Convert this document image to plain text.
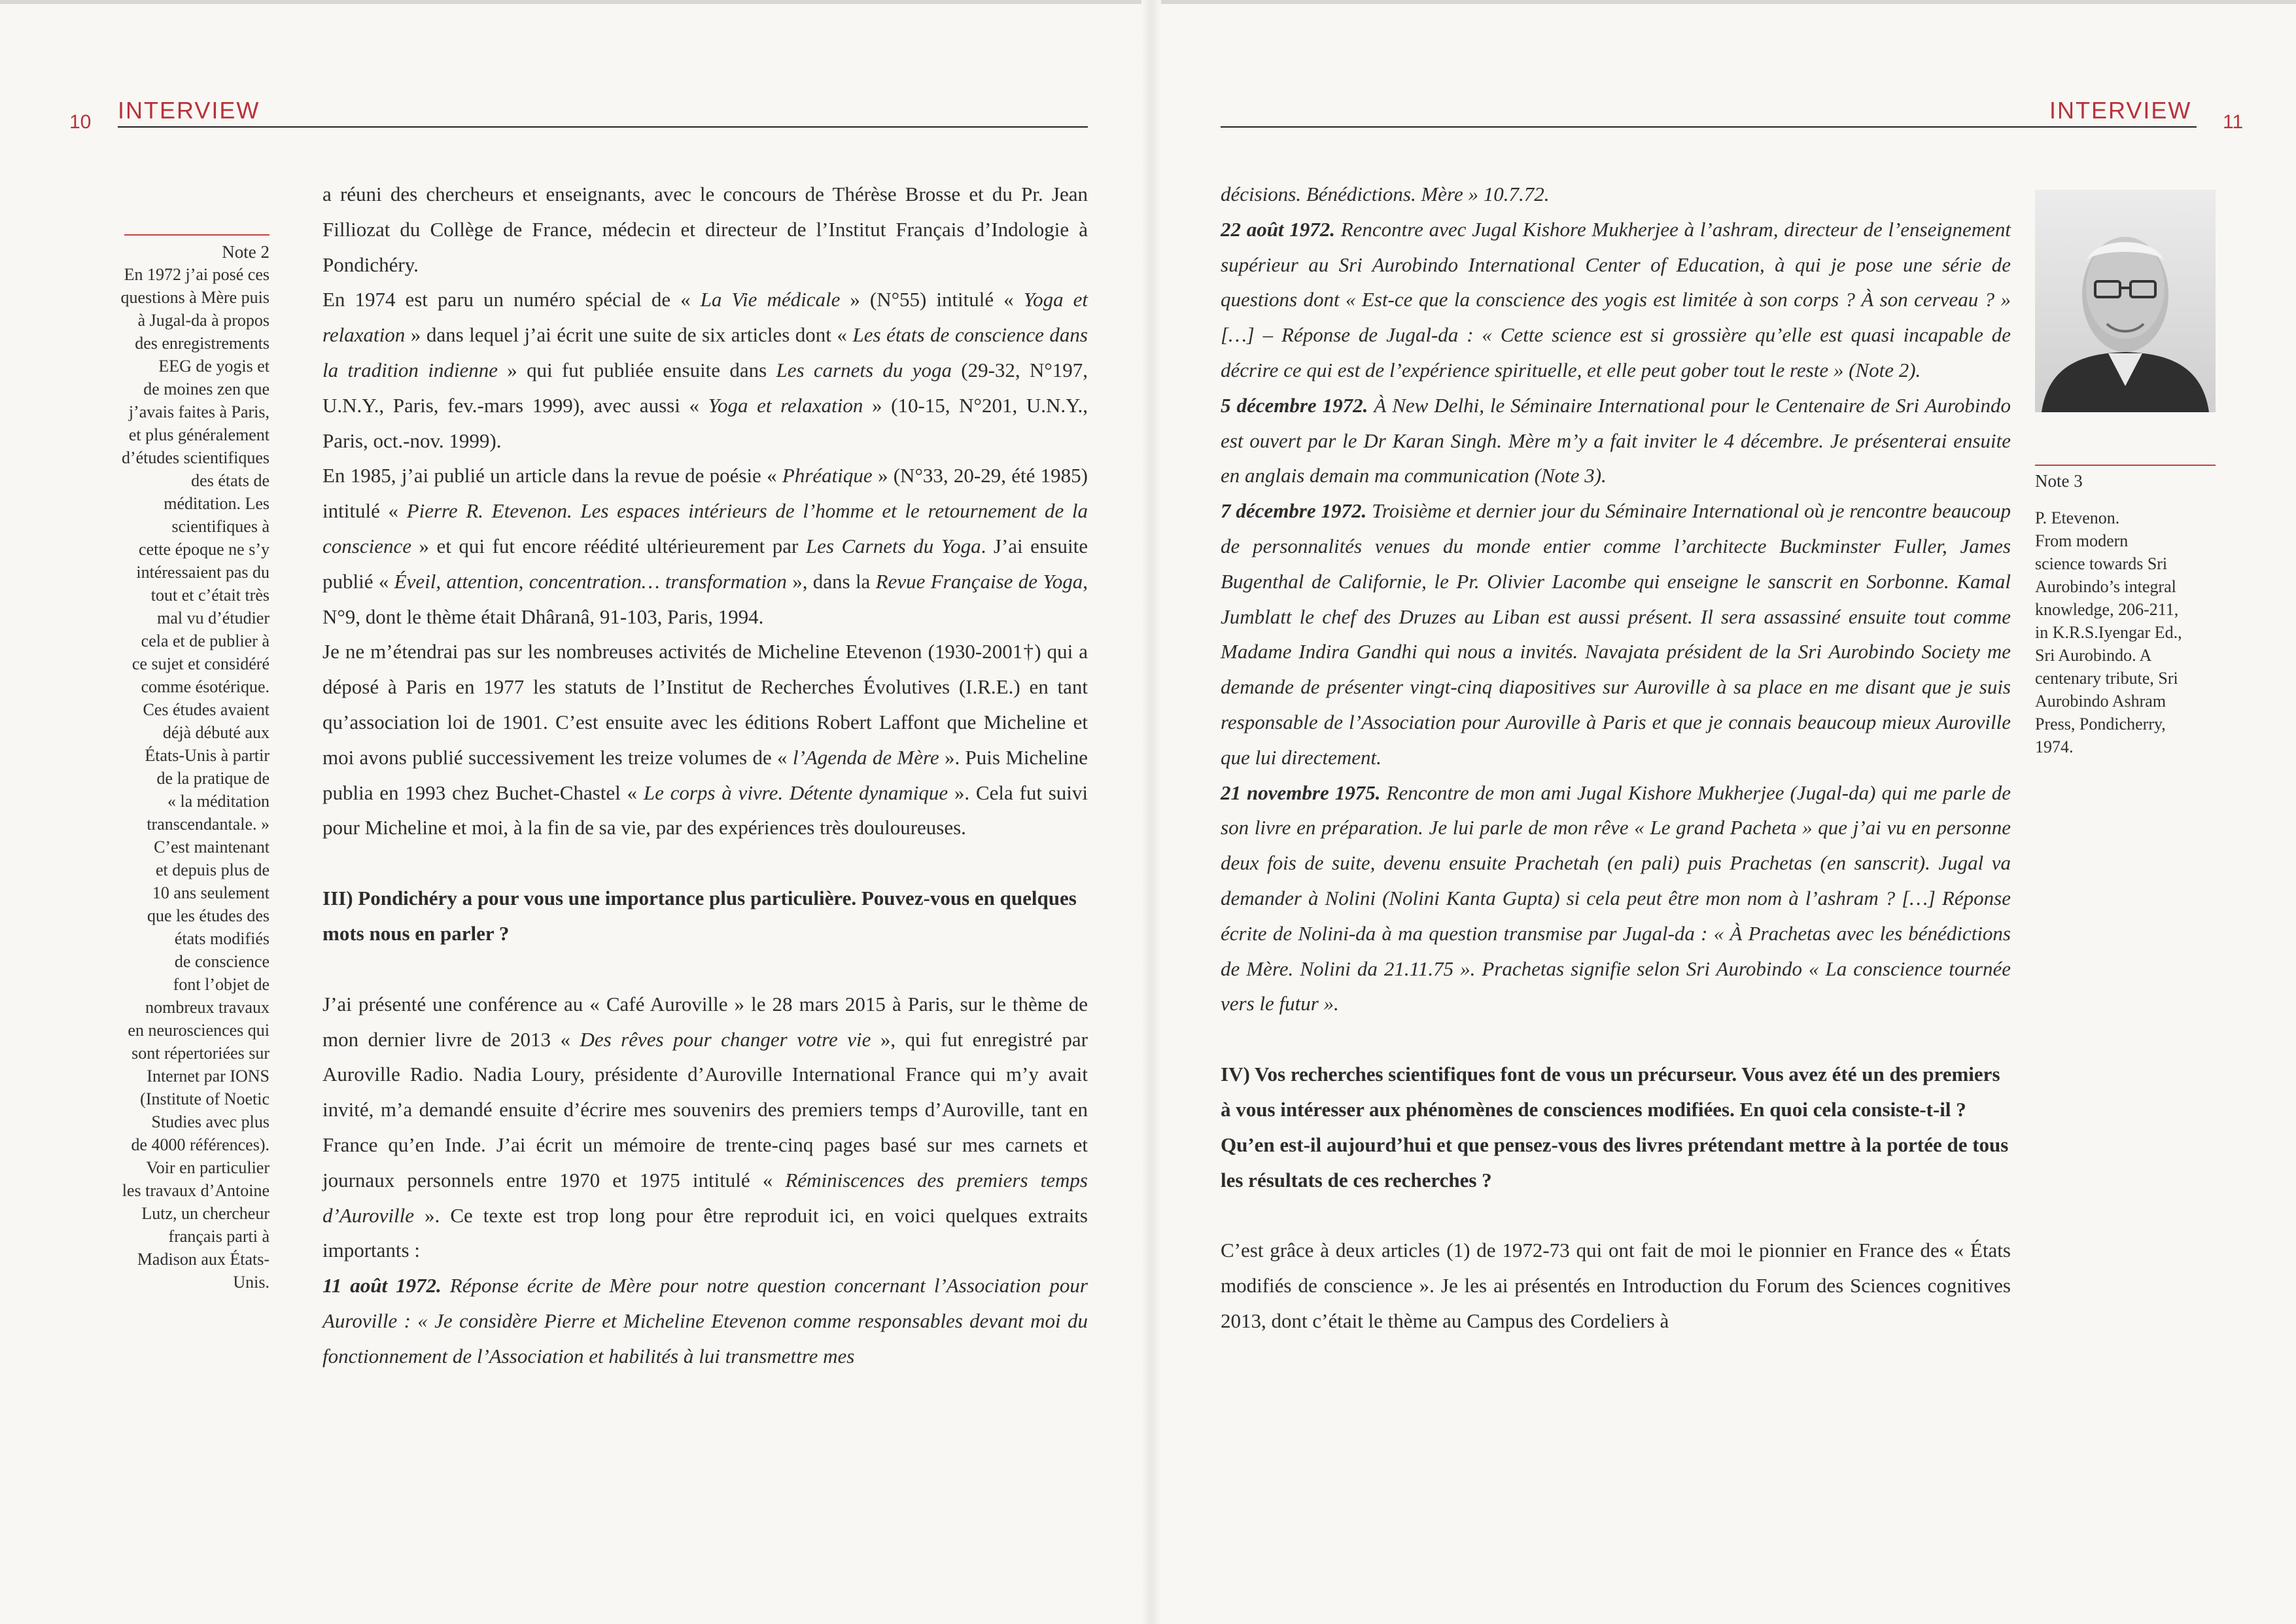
10 INTERVIEW
Note 2
En 1972 j’ai posé ces
questions à Mère puis
à Jugal-da à propos
des enregistrements
EEG de yogis et
de moines zen que
j’avais faites à Paris,
et plus généralement
d’études scientifiques
des états de
méditation. Les
scientifiques à
cette époque ne s’y
intéressaient pas du
tout et c’était très
mal vu d’étudier
cela et de publier à
ce sujet et considéré
comme ésotérique.
Ces études avaient
déjà débuté aux
États-Unis à partir
de la pratique de
« la méditation
transcendantale. »
C’est maintenant
et depuis plus de
10 ans seulement
que les études des
états modifiés
de conscience
font l’objet de
nombreux travaux
en neurosciences qui
sont répertoriées sur
Internet par IONS
(Institute of Noetic
Studies avec plus
de 4000 références).
Voir en particulier
les travaux d’Antoine
Lutz, un chercheur
français parti à
Madison aux États-
Unis.

a réuni des chercheurs et enseignants, avec le concours de Thérèse Brosse et du Pr. Jean Filliozat du Collège de France, médecin et directeur de l’Institut Français d’Indologie à Pondichéry.

En 1974 est paru un numéro spécial de « La Vie médicale » (N°55) intitulé « Yoga et relaxation » dans lequel j’ai écrit une suite de six articles dont « Les états de conscience dans la tradition indienne » qui fut publiée ensuite dans Les carnets du yoga (29-32, N°197, U.N.Y., Paris, fev.-mars 1999), avec aussi « Yoga et relaxation » (10-15, N°201, U.N.Y., Paris, oct.-nov. 1999).

En 1985, j’ai publié un article dans la revue de poésie « Phréatique » (N°33, 20-29, été 1985) intitulé « Pierre R. Etevenon. Les espaces intérieurs de l’homme et le retournement de la conscience » et qui fut encore réédité ultérieurement par Les Carnets du Yoga. J’ai ensuite publié « Éveil, attention, concentration… transformation », dans la Revue Française de Yoga, N°9, dont le thème était Dhâranâ, 91-103, Paris, 1994.

Je ne m’étendrai pas sur les nombreuses activités de Micheline Etevenon (1930-2001†) qui a déposé à Paris en 1977 les statuts de l’Institut de Recherches Évolutives (I.R.E.) en tant qu’association loi de 1901. C’est ensuite avec les éditions Robert Laffont que Micheline et moi avons publié successivement les treize volumes de « l’Agenda de Mère ». Puis Micheline publia en 1993 chez Buchet-Chastel « Le corps à vivre. Détente dynamique ». Cela fut suivi pour Micheline et moi, à la fin de sa vie, par des expériences très douloureuses.

III) Pondichéry a pour vous une importance plus particulière. Pouvez-vous en quelques mots nous en parler ?

J’ai présenté une conférence au « Café Auroville » le 28 mars 2015 à Paris, sur le thème de mon dernier livre de 2013 « Des rêves pour changer votre vie », qui fut enregistré par Auroville Radio. Nadia Loury, présidente d’Auroville International France qui m’y avait invité, m’a demandé ensuite d’écrire mes souvenirs des premiers temps d’Auroville, tant en France qu’en Inde. J’ai écrit un mémoire de trente-cinq pages basé sur mes carnets et journaux personnels entre 1970 et 1975 intitulé « Réminiscences des premiers temps d’Auroville ». Ce texte est trop long pour être reproduit ici, en voici quelques extraits importants :

11 août 1972. Réponse écrite de Mère pour notre question concernant l’Association pour Auroville : « Je considère Pierre et Micheline Etevenon comme responsables devant moi du fonctionnement de l’Association et habilités à lui transmettre mes

INTERVIEW 11

décisions. Bénédictions. Mère » 10.7.72.

22 août 1972. Rencontre avec Jugal Kishore Mukherjee à l’ashram, directeur de l’enseignement supérieur au Sri Aurobindo International Center of Education, à qui je pose une série de questions dont « Est-ce que la conscience des yogis est limitée à son corps ? À son cerveau ? » […] – Réponse de Jugal-da : « Cette science est si grossière qu’elle est quasi incapable de décrire ce qui est de l’expérience spirituelle, et elle peut gober tout le reste » (Note 2).

5 décembre 1972. À New Delhi, le Séminaire International pour le Centenaire de Sri Aurobindo est ouvert par le Dr Karan Singh. Mère m’y a fait inviter le 4 décembre. Je présenterai ensuite en anglais demain ma communication (Note 3).

7 décembre 1972. Troisième et dernier jour du Séminaire International où je rencontre beaucoup de personnalités venues du monde entier comme l’architecte Buckminster Fuller, James Bugenthal de Californie, le Pr. Olivier Lacombe qui enseigne le sanscrit en Sorbonne. Kamal Jumblatt le chef des Druzes au Liban est aussi présent. Il sera assassiné ensuite tout comme Madame Indira Gandhi qui nous a invités. Navajata président de la Sri Aurobindo Society me demande de présenter vingt-cinq diapositives sur Auroville à sa place en me disant que je suis responsable de l’Association pour Auroville à Paris et que je connais beaucoup mieux Auroville que lui directement.

21 novembre 1975. Rencontre de mon ami Jugal Kishore Mukherjee (Jugal-da) qui me parle de son livre en préparation. Je lui parle de mon rêve « Le grand Pacheta » que j’ai vu en personne deux fois de suite, devenu ensuite Prachetah (en pali) puis Prachetas (en sanscrit). Jugal va demander à Nolini (Nolini Kanta Gupta) si cela peut être mon nom à l’ashram ? […] Réponse écrite de Nolini-da à ma question transmise par Jugal-da : « À Prachetas avec les bénédictions de Mère. Nolini da 21.11.75 ». Prachetas signifie selon Sri Aurobindo « La conscience tournée vers le futur ».

IV) Vos recherches scientifiques font de vous un précurseur. Vous avez été un des premiers à vous intéresser aux phénomènes de consciences modifiées. En quoi cela consiste-t-il ? Qu’en est-il aujourd’hui et que pensez-vous des livres prétendant mettre à la portée de tous les résultats de ces recherches ?

C’est grâce à deux articles (1) de 1972-73 qui ont fait de moi le pionnier en France des « États modifiés de conscience ». Je les ai présentés en Introduction du Forum des Sciences cognitives 2013, dont c’était le thème au Campus des Cordeliers à

Note 3
P. Etevenon.
From modern
science towards Sri
Aurobindo’s integral
knowledge, 206-211,
in K.R.S.Iyengar Ed.,
Sri Aurobindo. A
centenary tribute, Sri
Aurobindo Ashram
Press, Pondicherry,
1974.
